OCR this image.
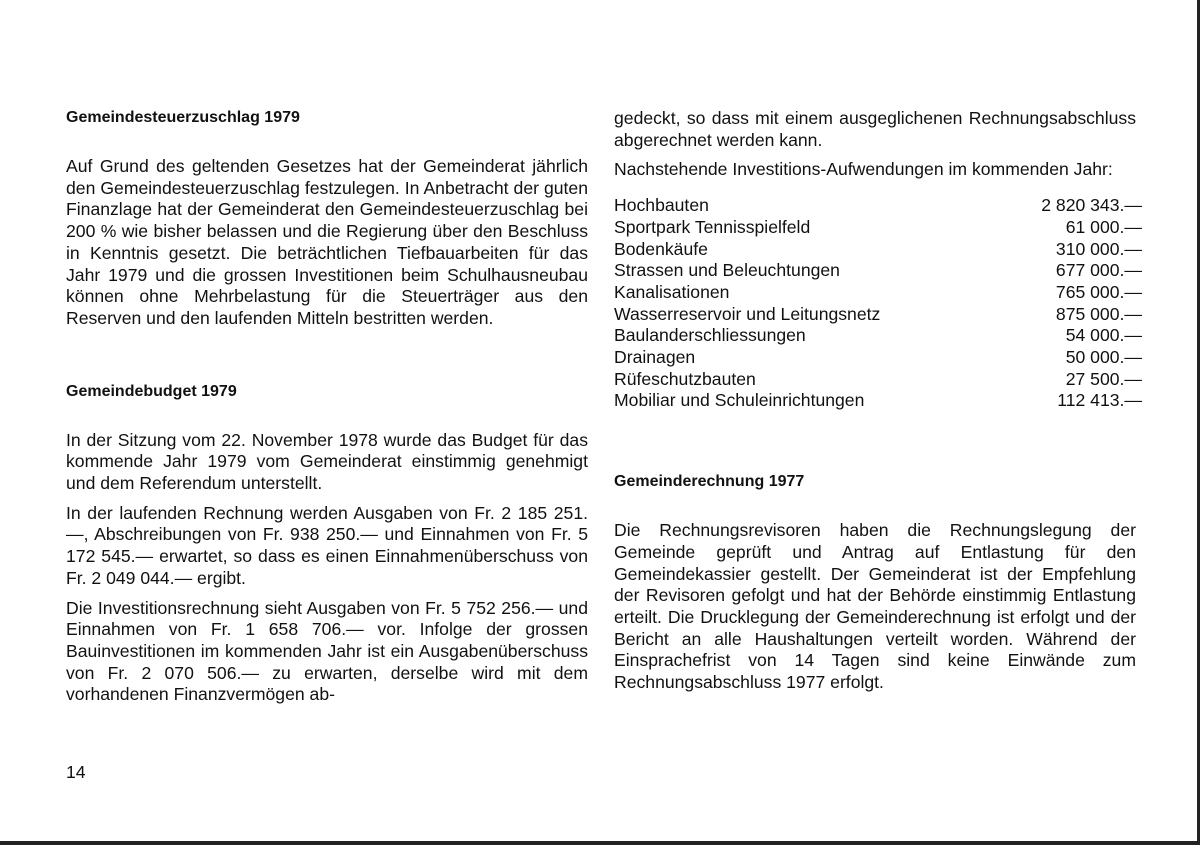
Gemeindesteuerzuschlag 1979

Auf Grund des geltenden Gesetzes hat der Gemeinderat jährlich den Gemeindesteuerzuschlag festzulegen. In Anbetracht der guten Finanzlage hat der Gemeinderat den Gemeindesteuerzuschlag bei 200 % wie bisher belassen und die Regierung über den Beschluss in Kenntnis gesetzt. Die beträchtlichen Tiefbauarbeiten für das Jahr 1979 und die grossen Investitionen beim Schulhausneubau können ohne Mehrbelastung für die Steuerträger aus den Reserven und den laufenden Mitteln bestritten werden.

Gemeindebudget 1979

In der Sitzung vom 22. November 1978 wurde das Budget für das kommende Jahr 1979 vom Gemeinderat einstimmig genehmigt und dem Referendum unterstellt.

In der laufenden Rechnung werden Ausgaben von Fr. 2 185 251.—, Abschreibungen von Fr. 938 250.— und Einnahmen von Fr. 5 172 545.— erwartet, so dass es einen Einnahmenüberschuss von Fr. 2 049 044.— ergibt.

Die Investitionsrechnung sieht Ausgaben von Fr. 5 752 256.— und Einnahmen von Fr. 1 658 706.— vor. Infolge der grossen Bauinvestitionen im kommenden Jahr ist ein Ausgabenüberschuss von Fr. 2 070 506.— zu erwarten, derselbe wird mit dem vorhandenen Finanzvermögen ab-

gedeckt, so dass mit einem ausgeglichenen Rechnungsabschluss abgerechnet werden kann.

Nachstehende Investitions-Aufwendungen im kommenden Jahr:

Hochbauten	2 820 343.—
Sportpark Tennisspielfeld	61 000.—
Bodenkäufe	310 000.—
Strassen und Beleuchtungen	677 000.—
Kanalisationen	765 000.—
Wasserreservoir und Leitungsnetz	875 000.—
Baulanderschliessungen	54 000.—
Drainagen	50 000.—
Rüfeschutzbauten	27 500.—
Mobiliar und Schuleinrichtungen	112 413.—
Gemeinderechnung 1977

Die Rechnungsrevisoren haben die Rechnungslegung der Gemeinde geprüft und Antrag auf Entlastung für den Gemeindekassier gestellt. Der Gemeinderat ist der Empfehlung der Revisoren gefolgt und hat der Behörde einstimmig Entlastung erteilt. Die Drucklegung der Gemeinderechnung ist erfolgt und der Bericht an alle Haushaltungen verteilt worden. Während der Einsprachefrist von 14 Tagen sind keine Einwände zum Rechnungsabschluss 1977 erfolgt.

14
